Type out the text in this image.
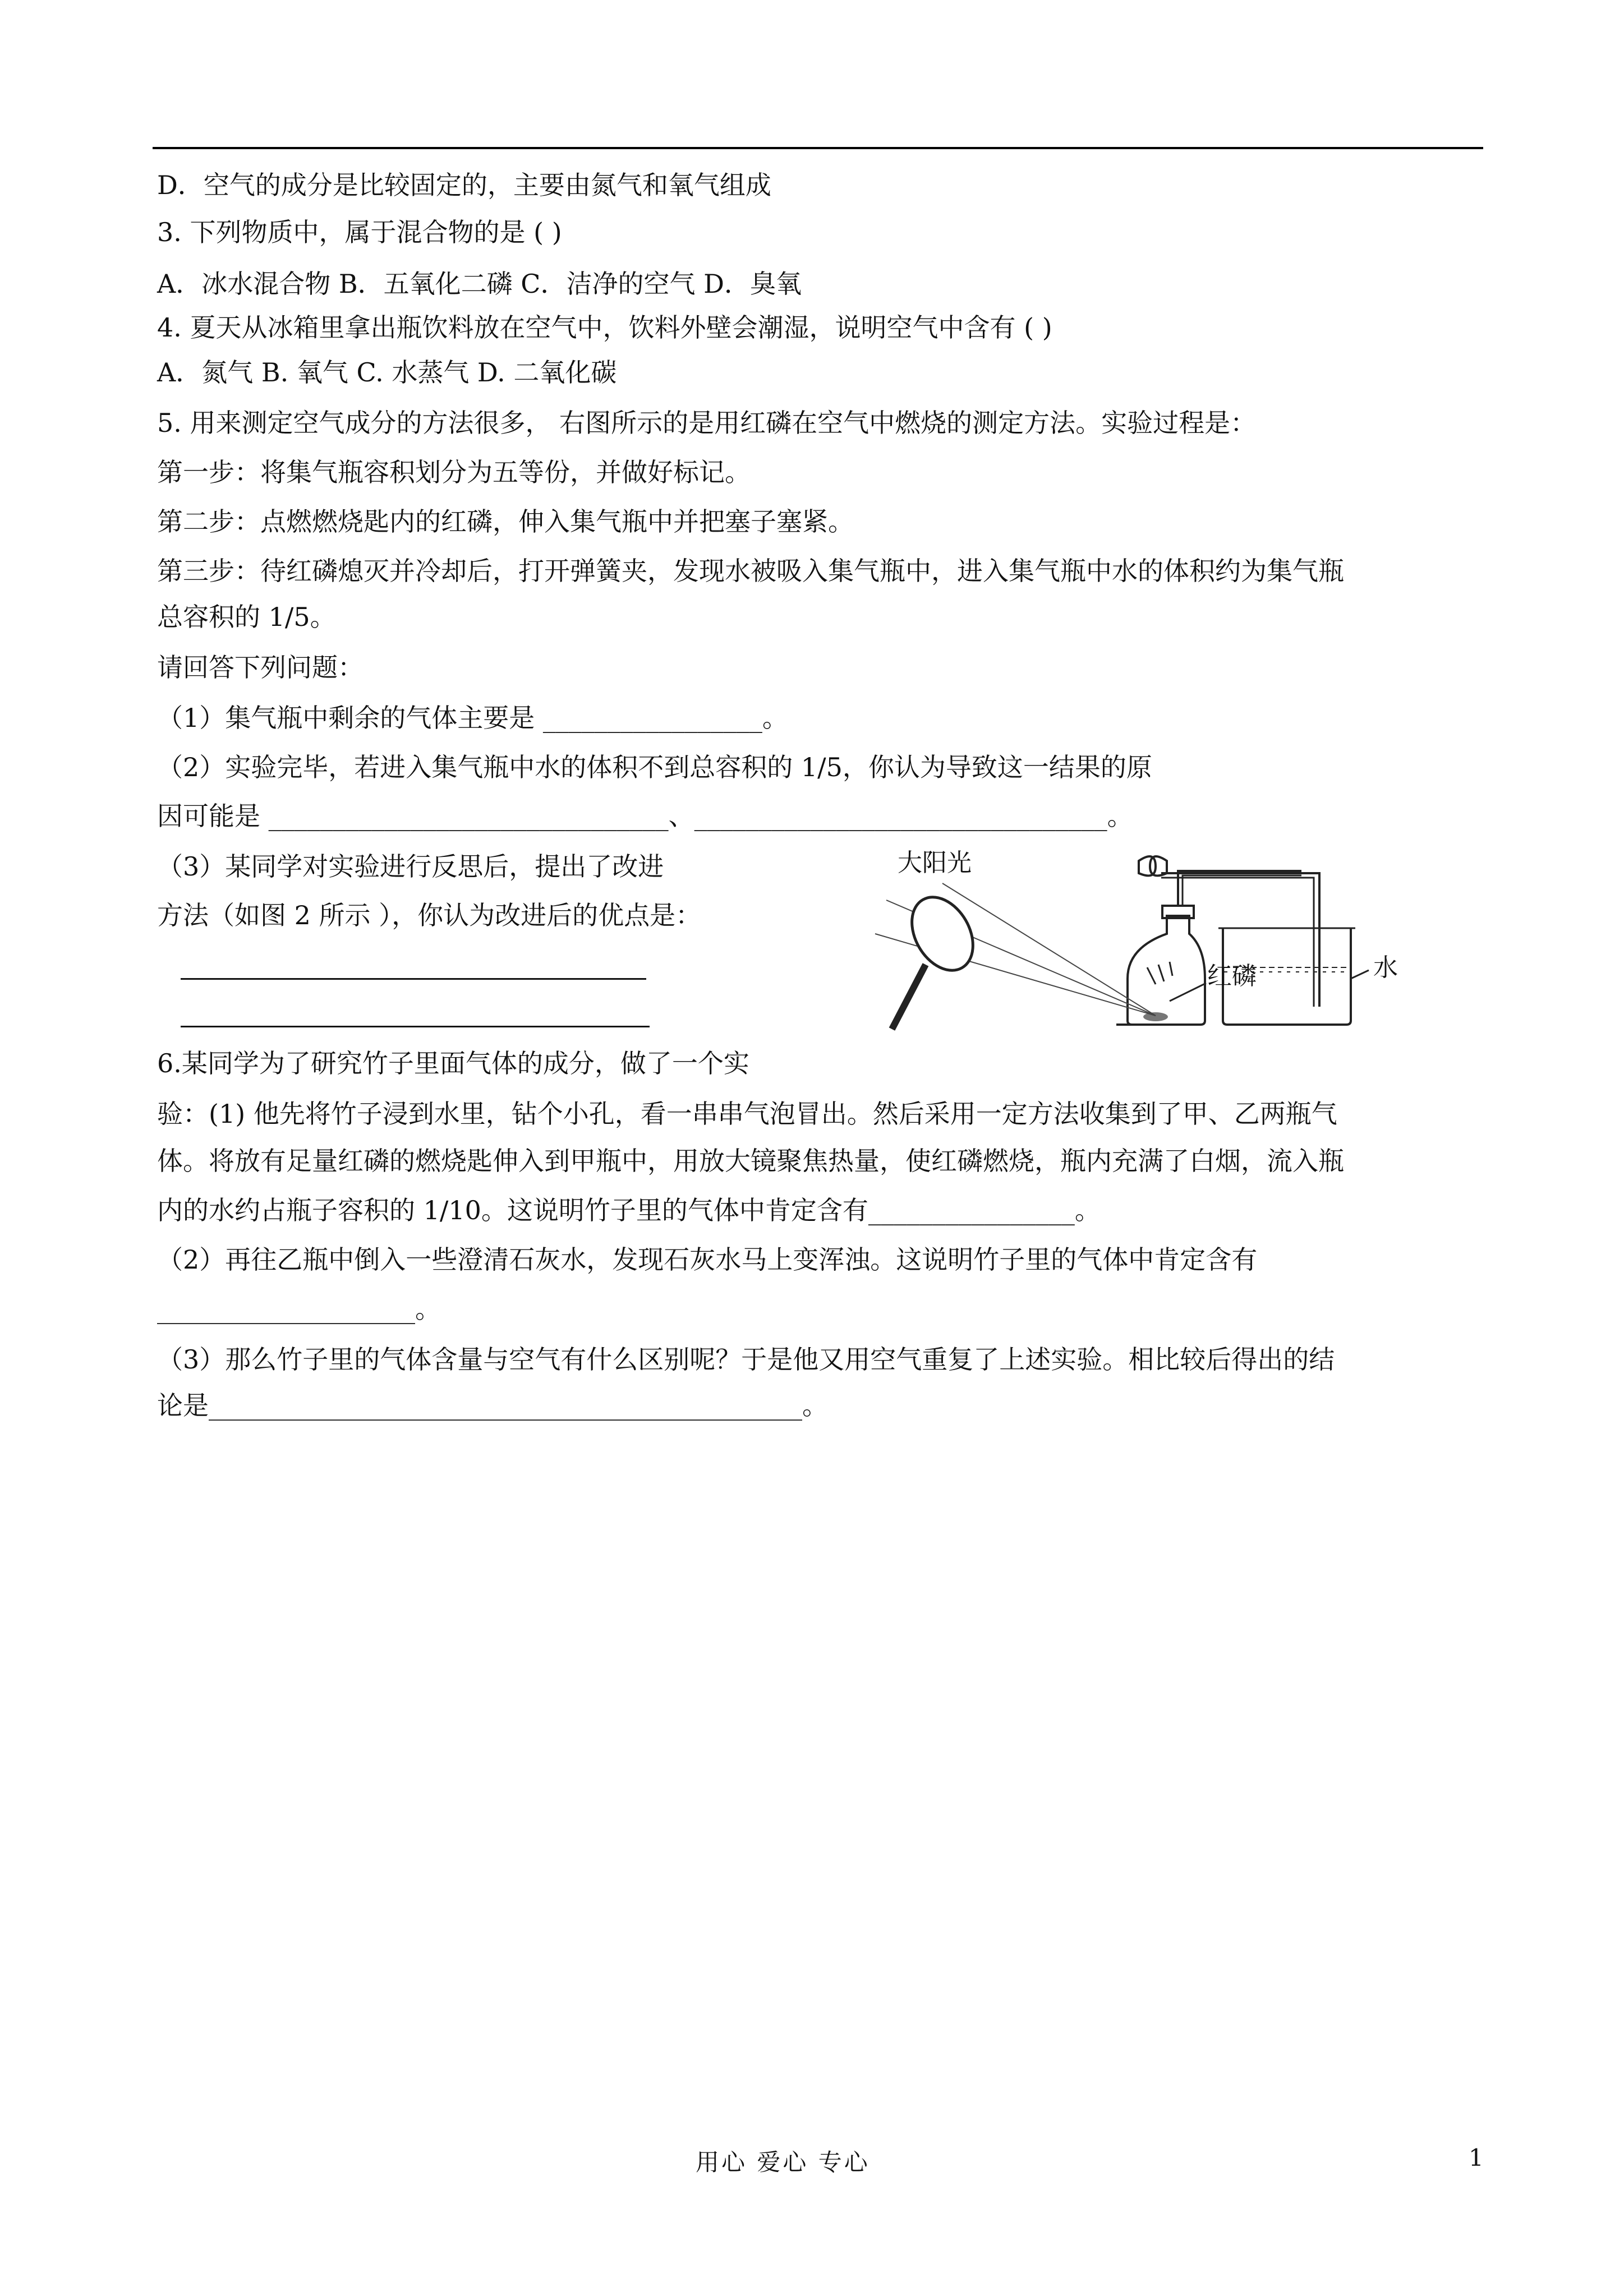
D．空气的成分是比较固定的，主要由氮气和氧气组成
3. 下列物质中，属于混合物的是 ( )
A．冰水混合物 B．五氧化二磷 C．洁净的空气 D．臭氧
4. 夏天从冰箱里拿出瓶饮料放在空气中，饮料外壁会潮湿，说明空气中含有 ( )
A．氮气 B. 氧气 C. 水蒸气 D. 二氧化碳
5. 用来测定空气成分的方法很多， 右图所示的是用红磷在空气中燃烧的测定方法。实验过程是：
第一步：将集气瓶容积划分为五等份，并做好标记。
第二步：点燃燃烧匙内的红磷，伸入集气瓶中并把塞子塞紧。
第三步：待红磷熄灭并冷却后，打开弹簧夹，发现水被吸入集气瓶中，进入集气瓶中水的体积约为集气瓶
总容积的 1/5。
请回答下列问题：
（1）集气瓶中剩余的气体主要是 _________________。
（2）实验完毕，若进入集气瓶中水的体积不到总容积的 1/5，你认为导致这一结果的原
因可能是 _______________________________、________________________________。
（3）某同学对实验进行反思后，提出了改进
方法（如图 2 所示 ），你认为改进后的优点是：
6.某同学为了研究竹子里面气体的成分，做了一个实
验：(1) 他先将竹子浸到水里，钻个小孔，看一串串气泡冒出。然后采用一定方法收集到了甲、乙两瓶气
体。将放有足量红磷的燃烧匙伸入到甲瓶中，用放大镜聚焦热量，使红磷燃烧，瓶内充满了白烟，流入瓶
内的水约占瓶子容积的 1/10。这说明竹子里的气体中肯定含有________________。
（2）再往乙瓶中倒入一些澄清石灰水，发现石灰水马上变浑浊。这说明竹子里的气体中肯定含有
____________________。
（3）那么竹子里的气体含量与空气有什么区别呢？于是他又用空气重复了上述实验。相比较后得出的结
论是______________________________________________。
水
红磷
大阳光
用心 爱心 专心	1
